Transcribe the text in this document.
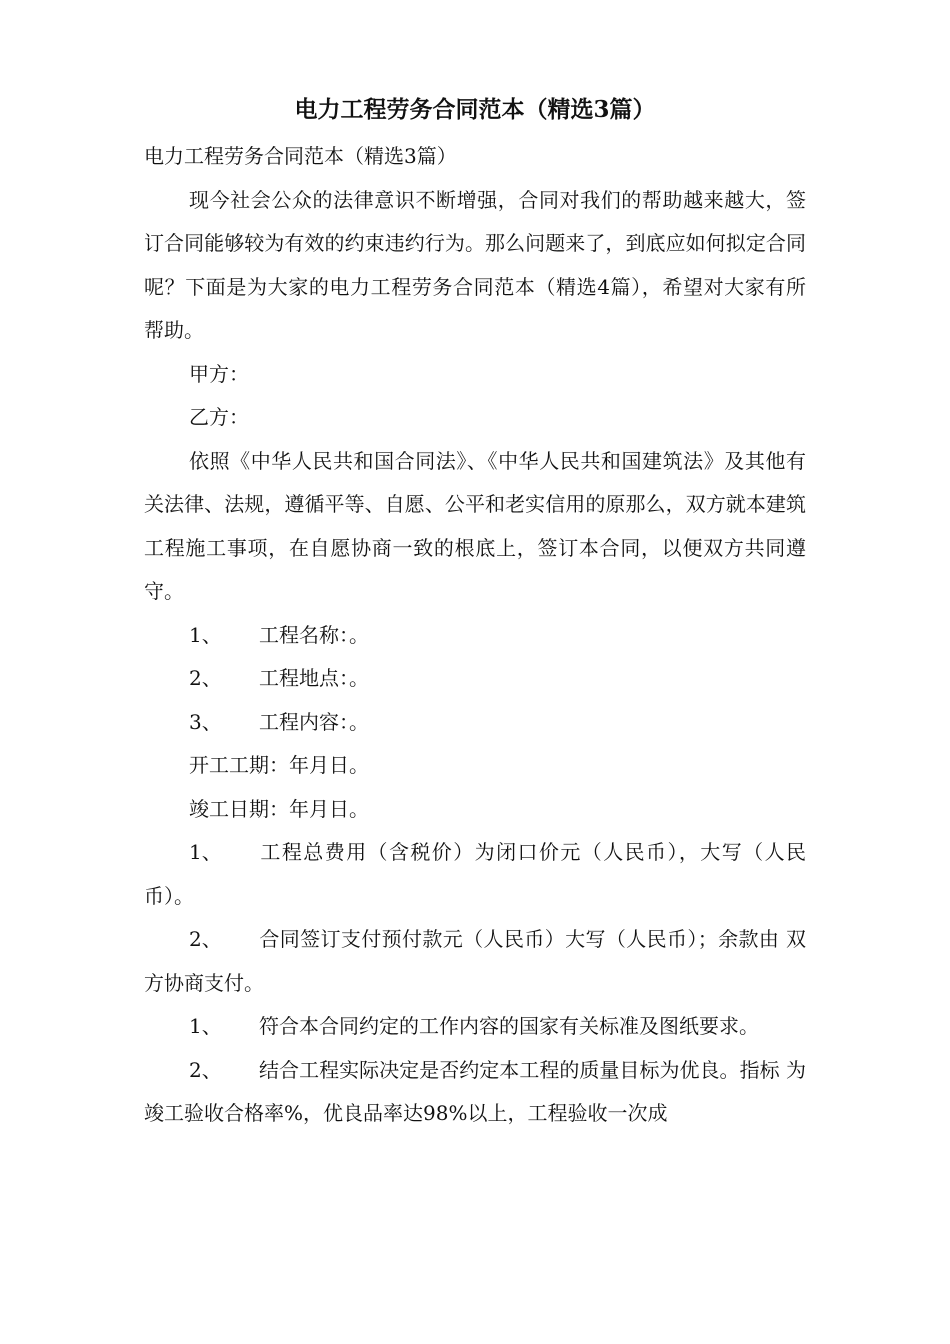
电力工程劳务合同范本（精选3篇）

电力工程劳务合同范本（精选3篇）

现今社会公众的法律意识不断增强，合同对我们的帮助越来越大，签订合同能够较为有效的约束违约行为。那么问题来了，到底应如何拟定合同呢？下面是为大家的电力工程劳务合同范本（精选4篇），希望对大家有所帮助。

甲方：

乙方：

依照《中华人民共和国合同法》、《中华人民共和国建筑法》及其他有关法律、法规，遵循平等、自愿、公平和老实信用的原那么，双方就本建筑工程施工事项，在自愿协商一致的根底上，签订本合同，以便双方共同遵守。

1、 工程名称：。

2、 工程地点：。

3、 工程内容：。

开工工期：年月日。

竣工日期：年月日。

1、 工程总费用（含税价）为闭口价元（人民币），大写（人民 币）。

2、 合同签订支付预付款元（人民币）大写（人民币）；余款由 双方协商支付。

1、 符合本合同约定的工作内容的国家有关标准及图纸要求。

2、 结合工程实际决定是否约定本工程的质量目标为优良。指标 为竣工验收合格率%，优良品率达98%以上，工程验收一次成
